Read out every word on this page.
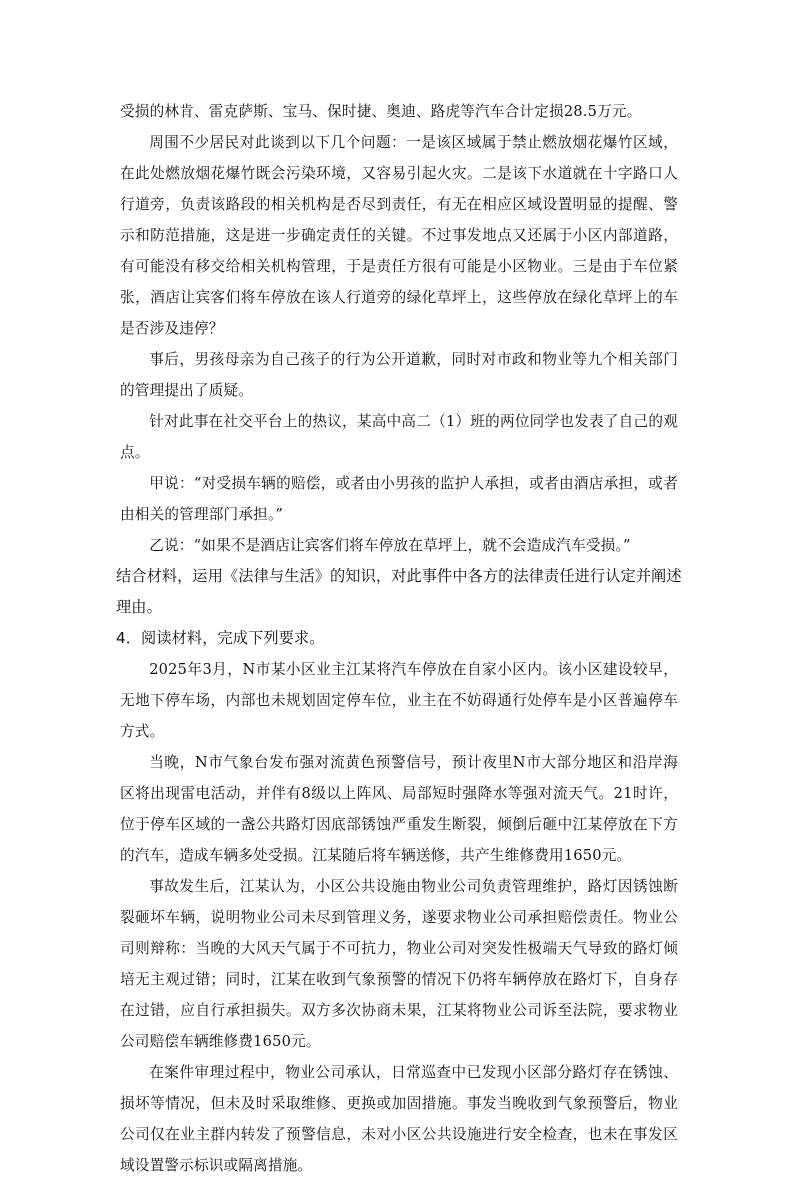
受损的林肯、雷克萨斯、宝马、保时捷、奥迪、路虎等汽车合计定损28.5万元。

周围不少居民对此谈到以下几个问题：一是该区域属于禁止燃放烟花爆竹区域，在此处燃放烟花爆竹既会污染环境，又容易引起火灾。二是该下水道就在十字路口人行道旁，负责该路段的相关机构是否尽到责任，有无在相应区域设置明显的提醒、警示和防范措施，这是进一步确定责任的关键。不过事发地点又还属于小区内部道路，有可能没有移交给相关机构管理，于是责任方很有可能是小区物业。三是由于车位紧张，酒店让宾客们将车停放在该人行道旁的绿化草坪上，这些停放在绿化草坪上的车是否涉及违停？

事后，男孩母亲为自己孩子的行为公开道歉，同时对市政和物业等九个相关部门的管理提出了质疑。

针对此事在社交平台上的热议，某高中高二（1）班的两位同学也发表了自己的观点。

甲说：“对受损车辆的赔偿，或者由小男孩的监护人承担，或者由酒店承担，或者由相关的管理部门承担。”

乙说：“如果不是酒店让宾客们将车停放在草坪上，就不会造成汽车受损。”

结合材料，运用《法律与生活》的知识，对此事件中各方的法律责任进行认定并阐述理由。

4．阅读材料，完成下列要求。

2025年3月，N市某小区业主江某将汽车停放在自家小区内。该小区建设较早，无地下停车场，内部也未规划固定停车位，业主在不妨碍通行处停车是小区普遍停车方式。

当晚，N市气象台发布强对流黄色预警信号，预计夜里N市大部分地区和沿岸海区将出现雷电活动，并伴有8级以上阵风、局部短时强降水等强对流天气。21时许，位于停车区域的一盏公共路灯因底部锈蚀严重发生断裂，倾倒后砸中江某停放在下方的汽车，造成车辆多处受损。江某随后将车辆送修，共产生维修费用1650元。

事故发生后，江某认为，小区公共设施由物业公司负责管理维护，路灯因锈蚀断裂砸坏车辆，说明物业公司未尽到管理义务，遂要求物业公司承担赔偿责任。物业公司则辩称：当晚的大风天气属于不可抗力，物业公司对突发性极端天气导致的路灯倾培无主观过错；同时，江某在收到气象预警的情况下仍将车辆停放在路灯下，自身存在过错，应自行承担损失。双方多次协商未果，江某将物业公司诉至法院，要求物业公司赔偿车辆维修费1650元。

在案件审理过程中，物业公司承认，日常巡查中已发现小区部分路灯存在锈蚀、损坏等情况，但未及时采取维修、更换或加固措施。事发当晚收到气象预警后，物业公司仅在业主群内转发了预警信息，未对小区公共设施进行安全检查，也未在事发区域设置警示标识或隔离措施。
